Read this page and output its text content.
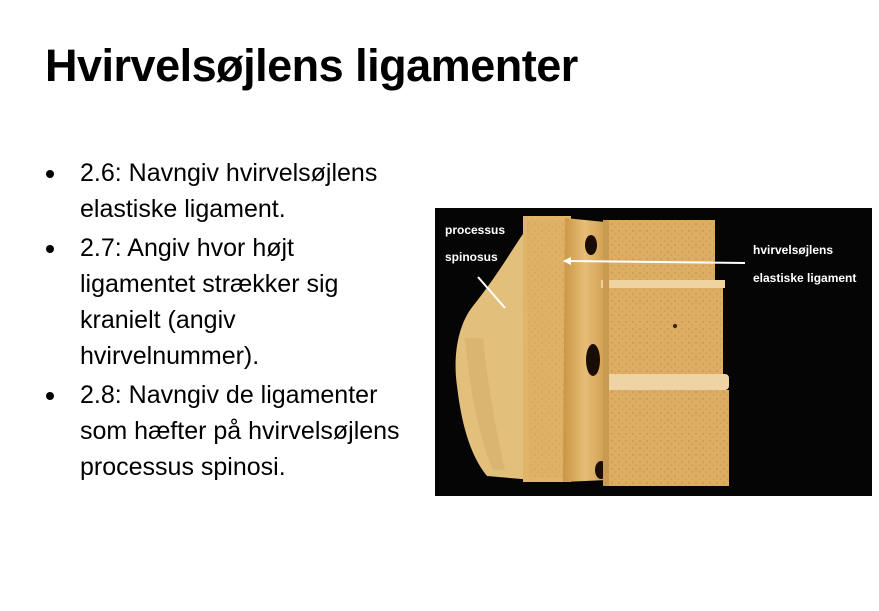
Hvirvelsøjlens ligamenter
2.6: Navngiv hvirvelsøjlens elastiske ligament.
2.7: Angiv hvor højt ligamentet strækker sig kranielt (angiv hvirvelnummer).
2.8: Navngiv de ligamenter som hæfter på hvirvelsøjlens processus spinosi.
processus
spinosus	hvirvelsøjlens
elastiske ligament
